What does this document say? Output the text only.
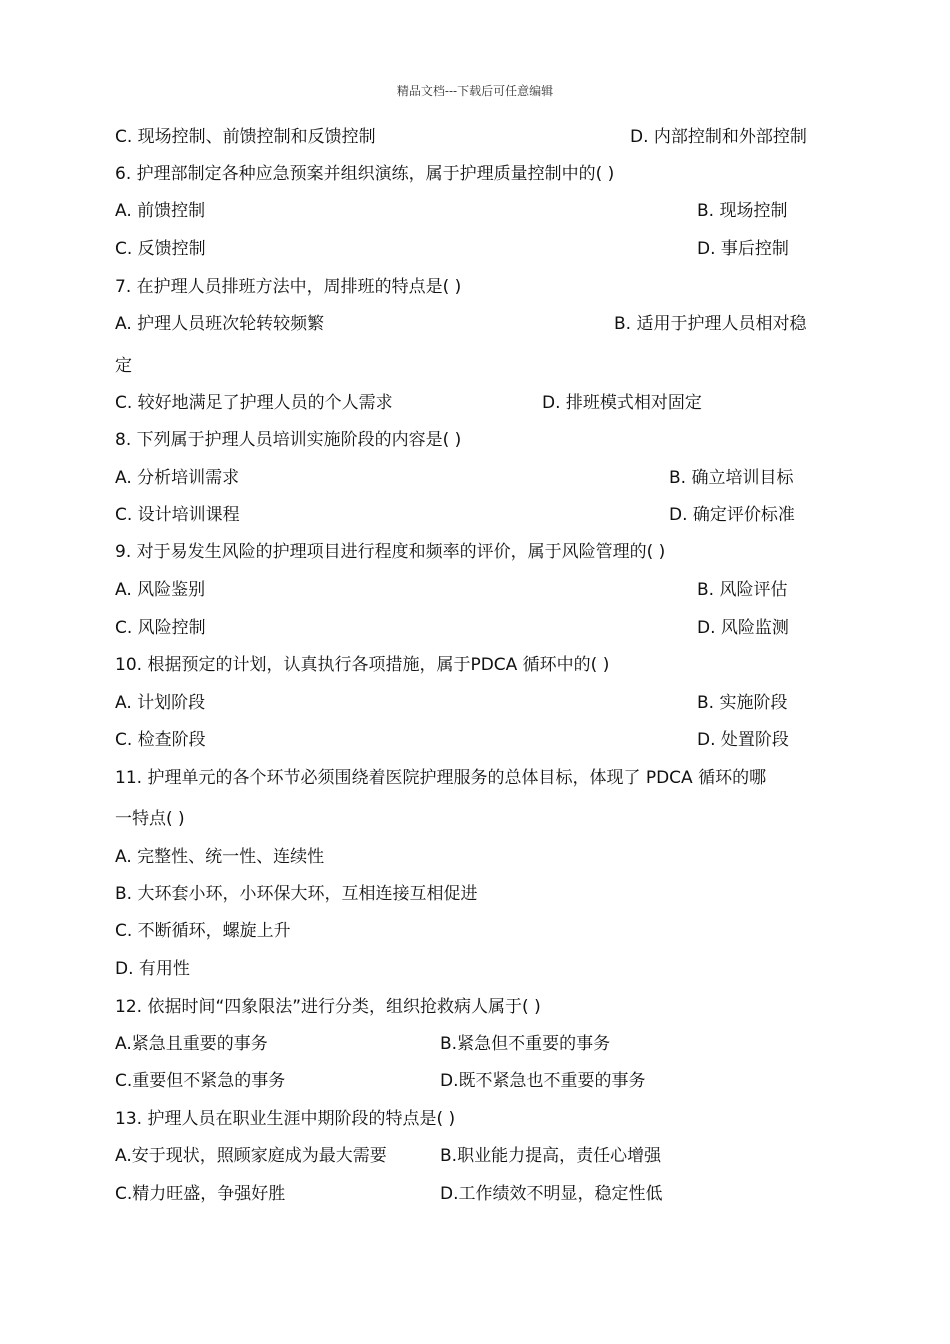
精品文档---下载后可任意编辑
C. 现场控制、前馈控制和反馈控制	D. 内部控制和外部控制
6. 护理部制定各种应急预案并组织演练，属于护理质量控制中的( )
A. 前馈控制	B. 现场控制
C. 反馈控制	D. 事后控制
7. 在护理人员排班方法中，周排班的特点是( )
A. 护理人员班次轮转较频繁	B. 适用于护理人员相对稳
定
C. 较好地满足了护理人员的个人需求	D. 排班模式相对固定
8. 下列属于护理人员培训实施阶段的内容是( )
A. 分析培训需求	B. 确立培训目标
C. 设计培训课程	D. 确定评价标准
9. 对于易发生风险的护理项目进行程度和频率的评价，属于风险管理的( )
A. 风险鉴别	B. 风险评估
C. 风险控制	D. 风险监测
10. 根据预定的计划，认真执行各项措施，属于PDCA 循环中的( )
A. 计划阶段	B. 实施阶段
C. 检查阶段	D. 处置阶段
11. 护理单元的各个环节必须围绕着医院护理服务的总体目标，体现了 PDCA 循环的哪
一特点( )
A. 完整性、统一性、连续性
B. 大环套小环，小环保大环，互相连接互相促进
C. 不断循环，螺旋上升
D. 有用性
12. 依据时间“四象限法”进行分类，组织抢救病人属于( )
A.紧急且重要的事务	B.紧急但不重要的事务
C.重要但不紧急的事务	D.既不紧急也不重要的事务
13. 护理人员在职业生涯中期阶段的特点是( )
A.安于现状，照顾家庭成为最大需要	B.职业能力提高，责任心增强
C.精力旺盛，争强好胜	D.工作绩效不明显，稳定性低
